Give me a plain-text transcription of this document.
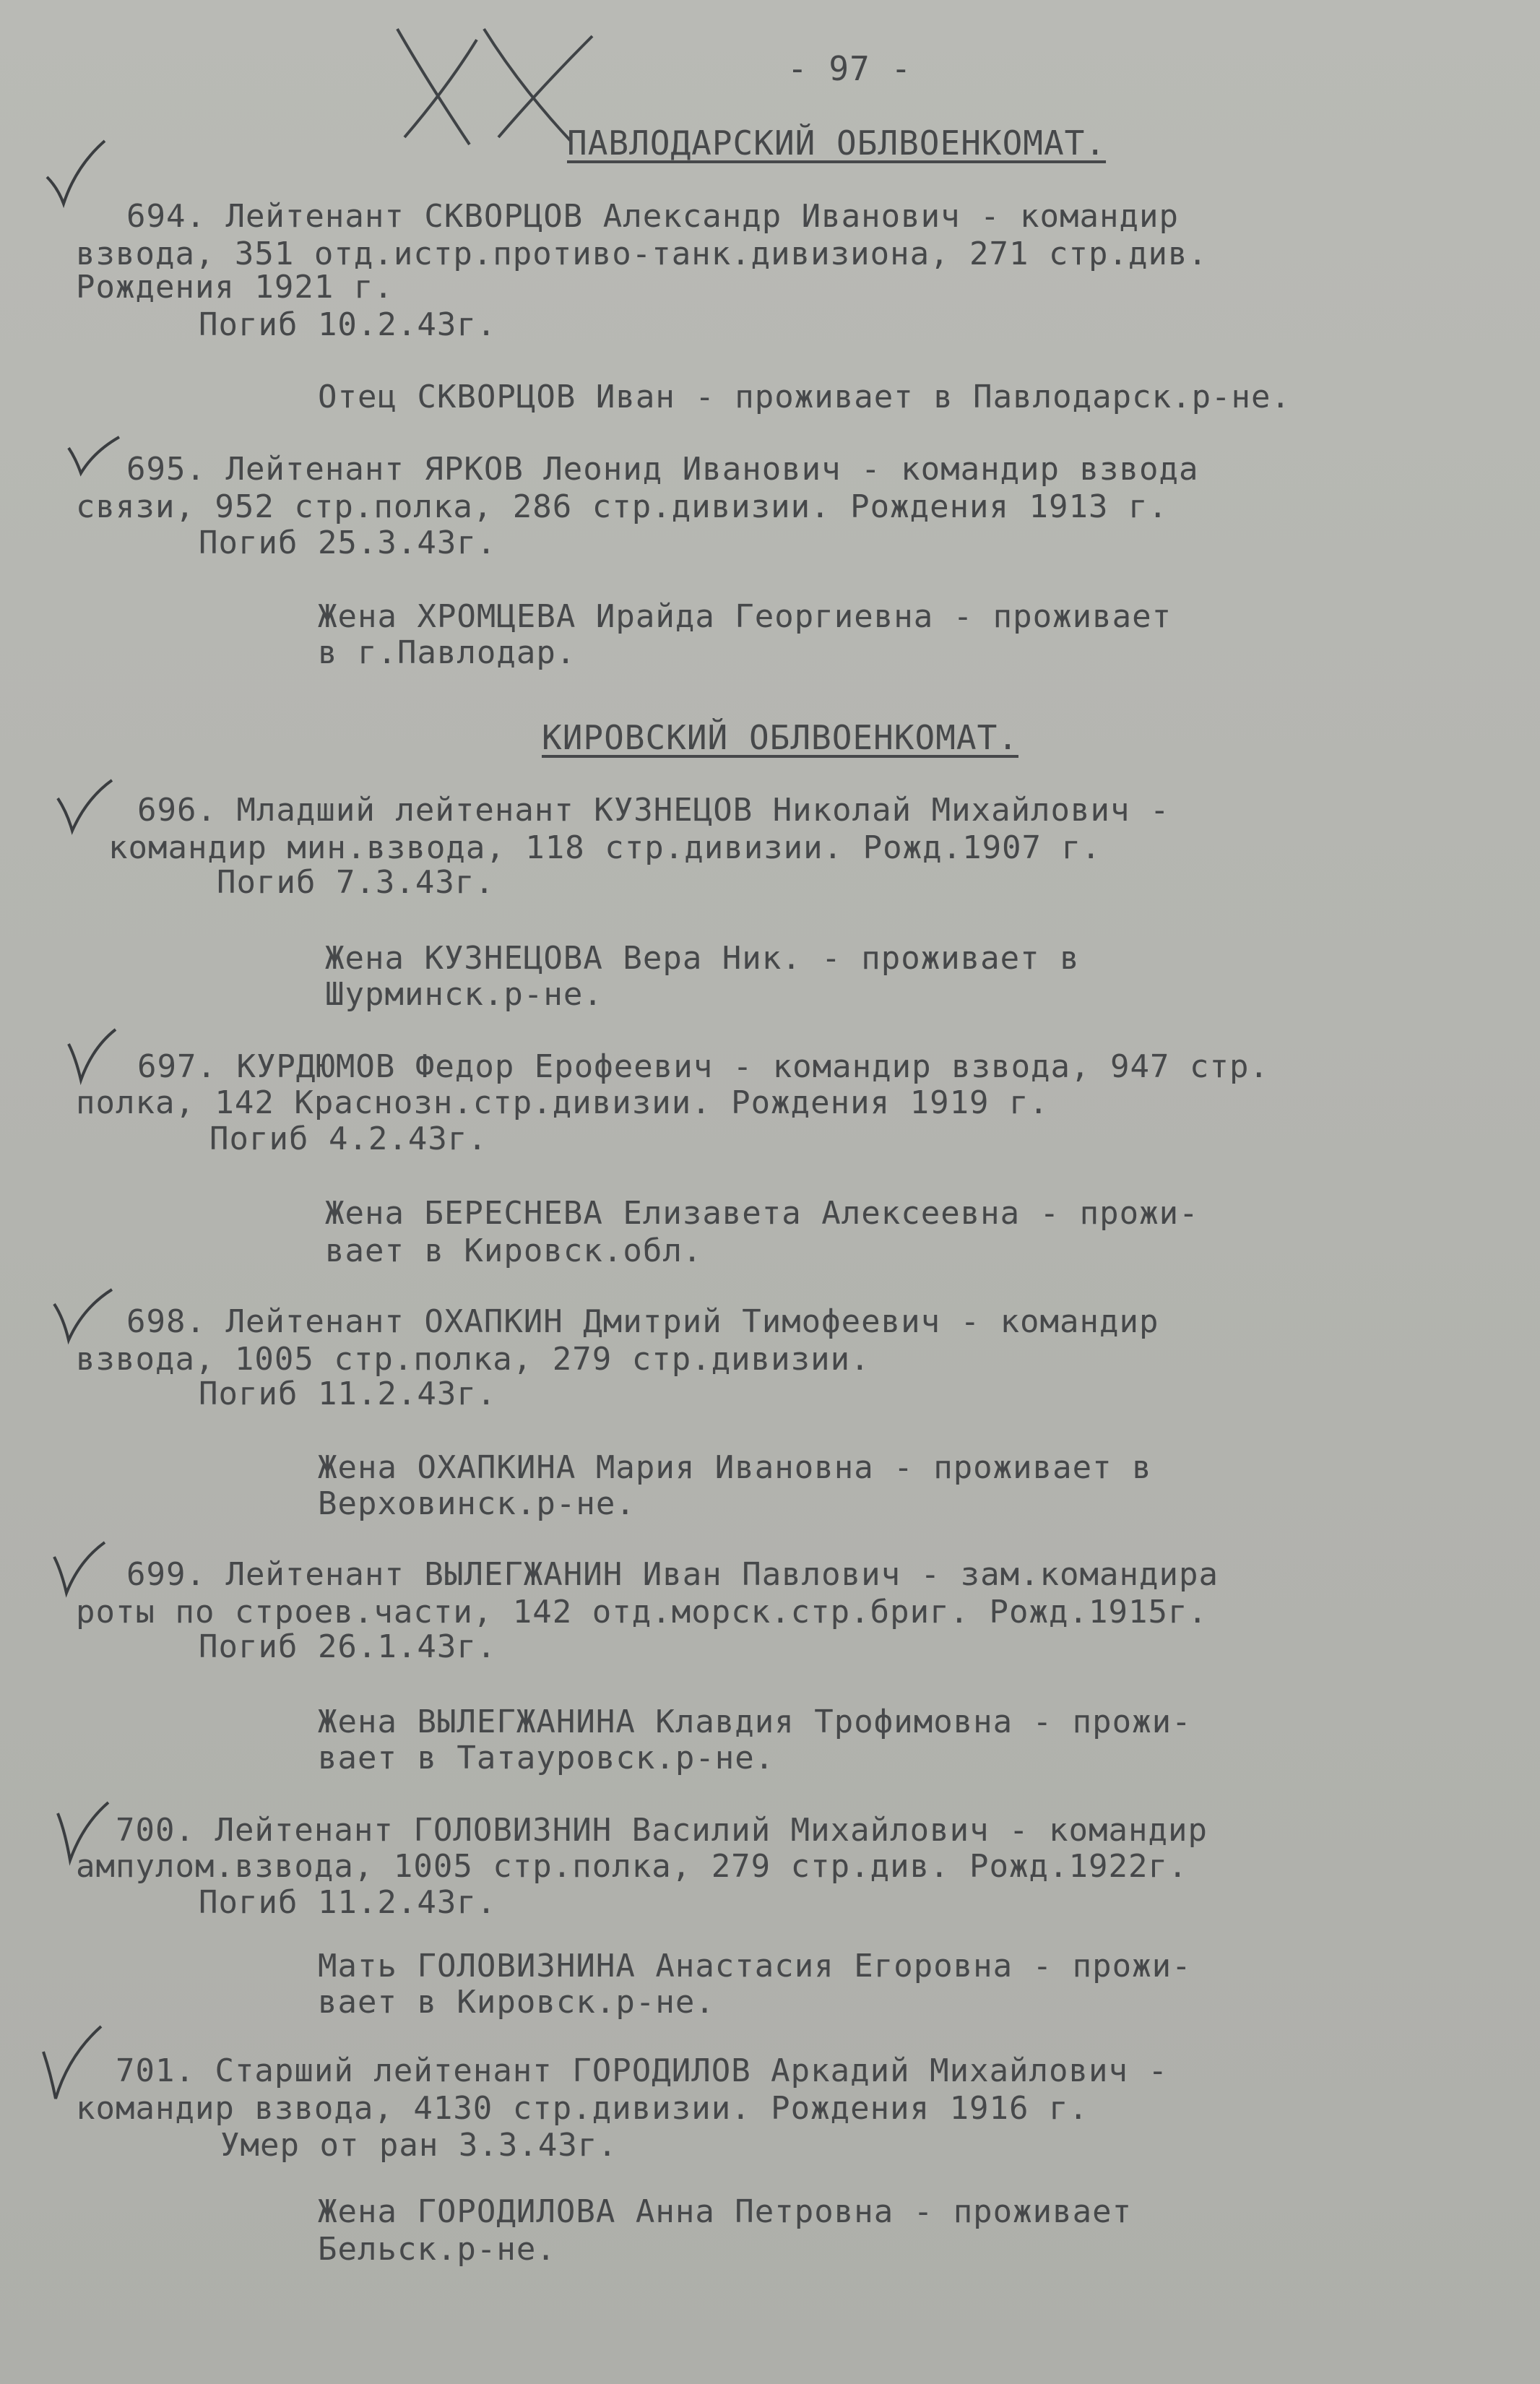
- 97 -
ПАВЛОДАРСКИЙ ОБЛВОЕНКОМАТ.
694. Лейтенант СКВОРЦОВ Александр Иванович - командир
взвода, 351 отд.истр.противо-танк.дивизиона, 271 стр.див.
Рождения 1921 г.
Погиб 10.2.43г.
Отец СКВОРЦОВ Иван - проживает в Павлодарск.р-не.
695. Лейтенант ЯРКОВ Леонид Иванович - командир взвода
связи, 952 стр.полка, 286 стр.дивизии. Рождения 1913 г.
Погиб 25.3.43г.
Жена ХРОМЦЕВА Ирайда Георгиевна - проживает
в г.Павлодар.
КИРОВСКИЙ ОБЛВОЕНКОМАТ.
696. Младший лейтенант КУЗНЕЦОВ Николай Михайлович -
командир мин.взвода, 118 стр.дивизии. Рожд.1907 г.
Погиб 7.3.43г.
Жена КУЗНЕЦОВА Вера Ник. - проживает в
Шурминск.р-не.
697. КУРДЮМОВ Федор Ерофеевич - командир взвода, 947 стр.
полка, 142 Краснозн.стр.дивизии. Рождения 1919 г.
Погиб 4.2.43г.
Жена БЕРЕСНЕВА Елизавета Алексеевна - прожи-
вает в Кировск.обл.
698. Лейтенант ОХАПКИН Дмитрий Тимофеевич - командир
взвода, 1005 стр.полка, 279 стр.дивизии.
Погиб 11.2.43г.
Жена ОХАПКИНА Мария Ивановна - проживает в
Верховинск.р-не.
699. Лейтенант ВЫЛЕГЖАНИН Иван Павлович - зам.командира
роты по строев.части, 142 отд.морск.стр.бриг. Рожд.1915г.
Погиб 26.1.43г.
Жена ВЫЛЕГЖАНИНА Клавдия Трофимовна - прожи-
вает в Татауровск.р-не.
700. Лейтенант ГОЛОВИЗНИН Василий Михайлович - командир
ампулом.взвода, 1005 стр.полка, 279 стр.див. Рожд.1922г.
Погиб 11.2.43г.
Мать ГОЛОВИЗНИНА Анастасия Егоровна - прожи-
вает в Кировск.р-не.
701. Старший лейтенант ГОРОДИЛОВ Аркадий Михайлович -
командир взвода, 4130 стр.дивизии. Рождения 1916 г.
Умер от ран 3.3.43г.
Жена ГОРОДИЛОВА Анна Петровна - проживает
Бельск.р-не.
